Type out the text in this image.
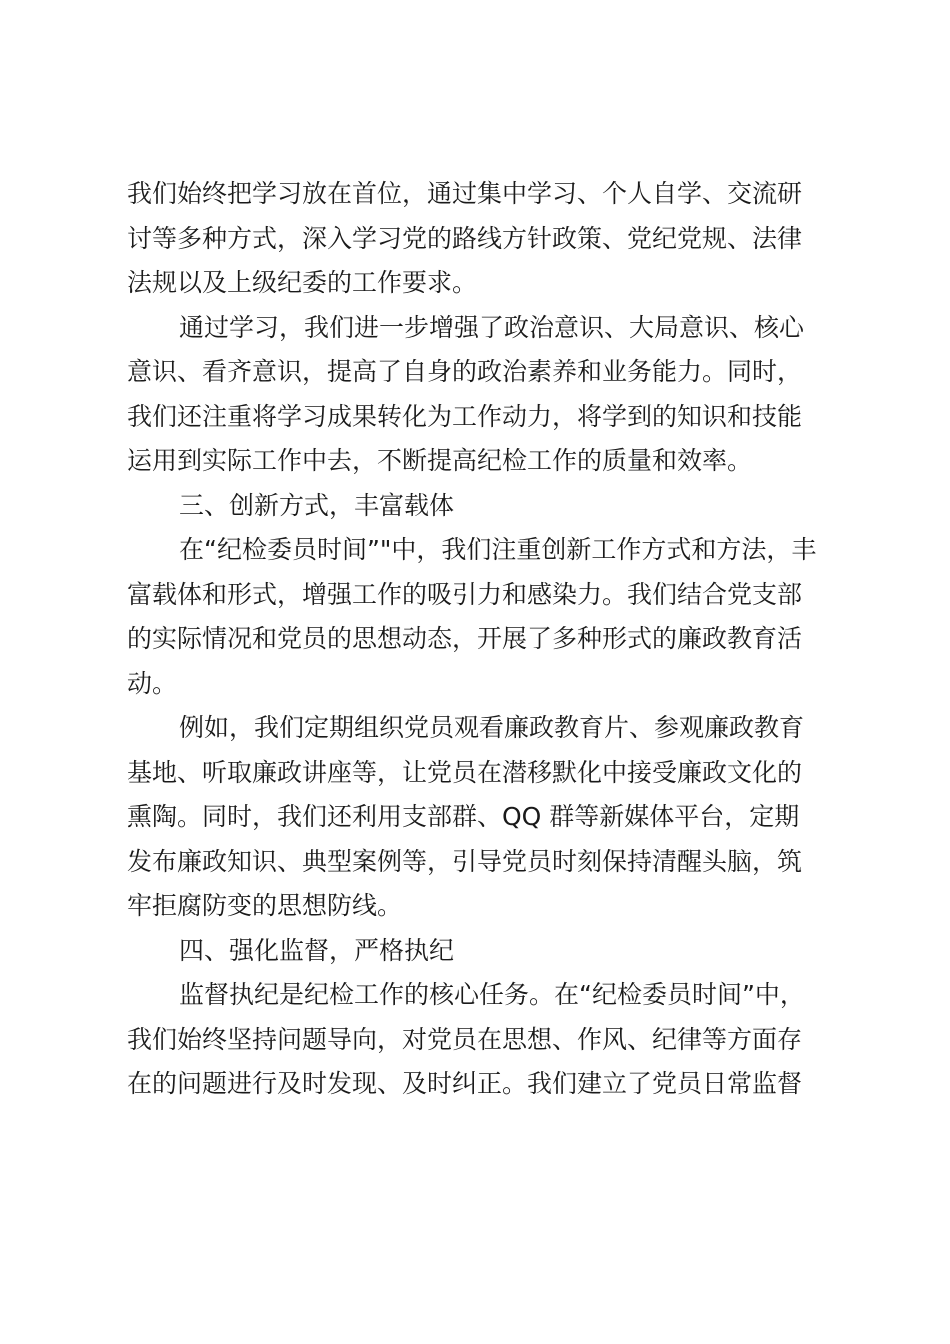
我们始终把学习放在首位，通过集中学习、个人自学、交流研
讨等多种方式，深入学习党的路线方针政策、党纪党规、法律
法规以及上级纪委的工作要求。
通过学习，我们进一步增强了政治意识、大局意识、核心
意识、看齐意识，提高了自身的政治素养和业务能力。同时，
我们还注重将学习成果转化为工作动力，将学到的知识和技能
运用到实际工作中去，不断提高纪检工作的质量和效率。
三、创新方式，丰富载体
在“纪检委员时间”"中，我们注重创新工作方式和方法，丰
富载体和形式，增强工作的吸引力和感染力。我们结合党支部
的实际情况和党员的思想动态，开展了多种形式的廉政教育活
动。
例如，我们定期组织党员观看廉政教育片、参观廉政教育
基地、听取廉政讲座等，让党员在潜移默化中接受廉政文化的
熏陶。同时，我们还利用支部群、QQ 群等新媒体平台，定期
发布廉政知识、典型案例等，引导党员时刻保持清醒头脑，筑
牢拒腐防变的思想防线。
四、强化监督，严格执纪
监督执纪是纪检工作的核心任务。在“纪检委员时间”中，
我们始终坚持问题导向，对党员在思想、作风、纪律等方面存
在的问题进行及时发现、及时纠正。我们建立了党员日常监督
